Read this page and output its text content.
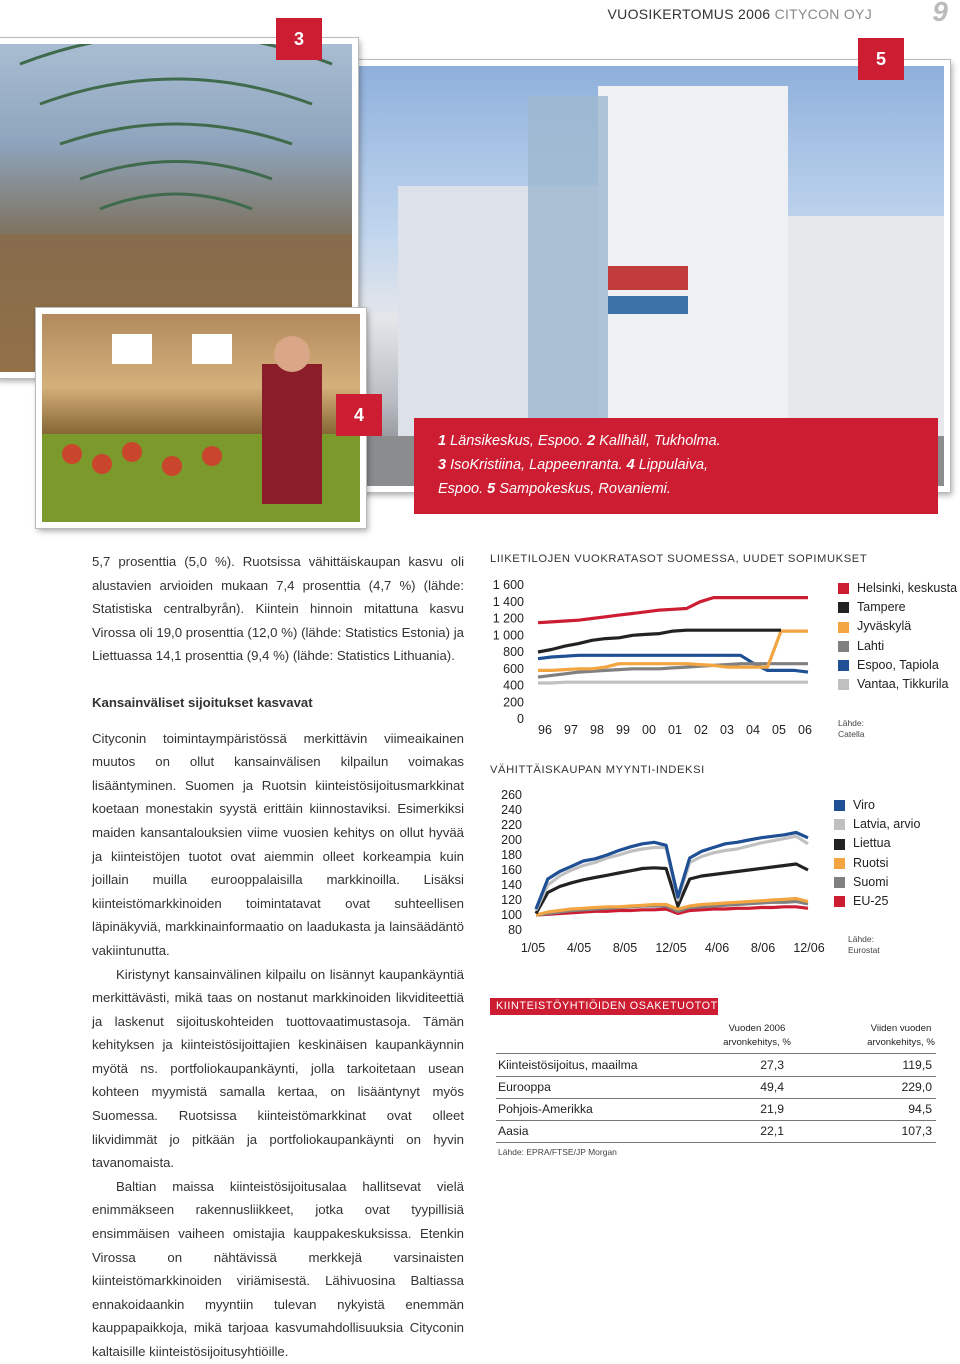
VUOSIKERTOMUS 2006 CITYCON OYJ 9
3
5
4
1 Länsikeskus, Espoo. 2 Kallhäll, Tukholma.
3 IsoKristiina, Lappeenranta. 4 Lippulaiva,
Espoo. 5 Sampokeskus, Rovaniemi.

5,7 prosenttia (5,0 %). Ruotsissa vähittäiskaupan kasvu oli alustavien arvioiden mukaan 7,4 prosenttia (4,7 %) (lähde: Statistiska centralbyrån). Kiintein hinnoin mitattuna kasvu Virossa oli 19,0 prosenttia (12,0 %) (lähde: Statistics Estonia) ja Liettuassa 14,1 prosenttia (9,4 %) (lähde: Statistics Lithuania).

Kansainväliset sijoitukset kasvavat

Cityconin toimintaympäristössä merkittävin viimeaikainen muutos on ollut kansainvälisen kilpailun voimakas lisääntyminen. Suomen ja Ruotsin kiinteistösijoitusmarkkinat koetaan monestakin syystä erittäin kiinnostaviksi. Esimerkiksi maiden kansantalouksien viime vuosien kehitys on ollut hyvää ja kiinteistöjen tuotot ovat aiemmin olleet korkeampia kuin joillain muilla eurooppalaisilla markkinoilla. Lisäksi kiinteistömarkkinoiden toimintatavat ovat suhteellisen läpinäkyviä, markkinainformaatio on laadukasta ja lainsäädäntö vakiintunutta.

Kiristynyt kansainvälinen kilpailu on lisännyt kaupankäyntiä merkittävästi, mikä taas on nostanut markkinoiden likviditeettiä ja laskenut sijoituskohteiden tuottovaatimustasoja. Tämän kehityksen ja kiinteistösijoittajien keskinäisen kaupankäynnin myötä ns. portfoliokaupankäynti, jolla tarkoitetaan usean kohteen myymistä samalla kertaa, on lisääntynyt myös Suomessa. Ruotsissa kiinteistömarkkinat ovat olleet likvidimmät jo pitkään ja portfoliokaupankäynti on hyvin tavanomaista.

Baltian maissa kiinteistösijoitusalaa hallitsevat vielä enimmäkseen rakennusliikkeet, jotka ovat tyypillisiä ensimmäisen vaiheen omistajia kauppakeskuksissa. Etenkin Virossa on nähtävissä merkkejä varsinaisten kiinteistömarkkinoiden viriämisestä. Lähivuosina Baltiassa ennakoidaankin myyntiin tulevan nykyistä enemmän kauppapaikkoja, mikä tarjoaa kasvumahdollisuuksia Cityconin kaltaisille kiinteistösijoitusyhtiöille.

LIIKETILOJEN VUOKRATASOT SUOMESSA, UUDET SOPIMUKSET
1 600
1 400
1 200
1 000
800
600
400
200
0
96 97 98 99 00 01 02 03 04 05 06
Helsinki, keskusta
Tampere
Jyväskylä
Lahti
Espoo, Tapiola
Vantaa, Tikkurila
Lähde:
Catella
VÄHITTÄISKAUPAN MYYNTI-INDEKSI
260
240
220
200
180
160
140
120
100
80
1/05 4/05 8/05 12/05 4/06 8/06 12/06
Viro
Latvia, arvio
Liettua
Ruotsi
Suomi
EU-25
Lähde:
Eurostat
KIINTEISTÖYHTIÖIDEN OSAKETUOTOT
Vuoden 2006
arvonkehitys, %
Viiden vuoden
arvonkehitys, %
Kiinteistösijoitus, maailma	27,3	119,5
Eurooppa	49,4	229,0
Pohjois-Amerikka	21,9	94,5
Aasia	22,1	107,3
Lähde: EPRA/FTSE/JP Morgan
